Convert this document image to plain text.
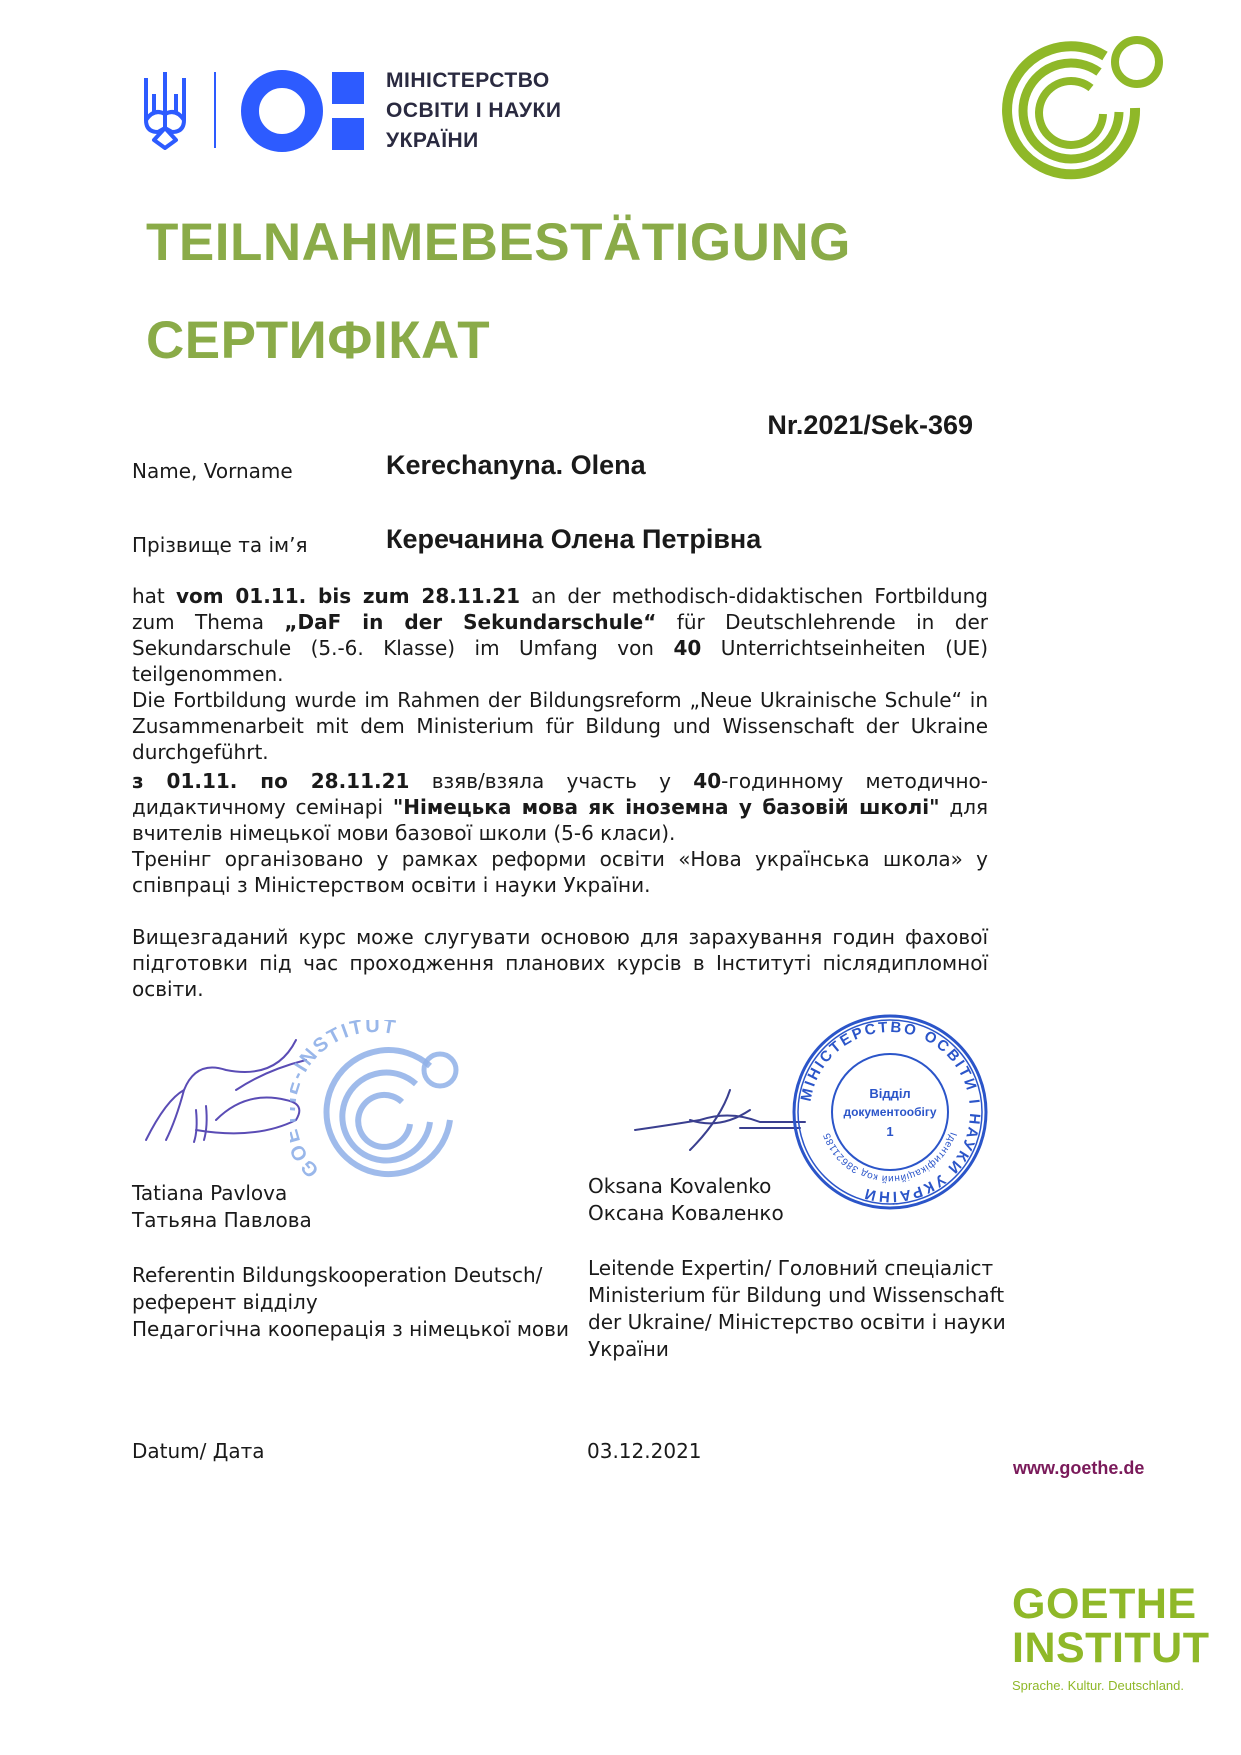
МІНІСТЕРСТВО
ОСВІТИ І НАУКИ
УКРАЇНИ
TEILNAHMEBESTÄTIGUNG
СЕРТИФІКАТ
Nr.2021/Sek-369
Name, Vorname	Kerechanyna. Olena
Прізвище та ім’я	Керечанина Олена Петрівна

hat vom 01.11. bis zum 28.11.21 an der methodisch-didaktischen Fortbildung zum Thema „DaF in der Sekundarschule“ für Deutschlehrende in der Sekundarschule (5.-6. Klasse) im Umfang von 40 Unterrichtseinheiten (UE) teilgenommen.

Die Fortbildung wurde im Rahmen der Bildungsreform „Neue Ukrainische Schule“ in Zusammenarbeit mit dem Ministerium für Bildung und Wissenschaft der Ukraine durchgeführt.

з 01.11. по 28.11.21 взяв/взяла участь у 40-годинному методично-дидактичному семінарі "Німецька мова як іноземна у базовій школі" для вчителів німецької мови базової школи (5-6 класи).

Тренінг організовано у рамках реформи освіти «Нова українська школа» у співпраці з Міністерством освіти і науки України.

Вищезгаданий курс може слугувати основою для зарахування годин фахової підготовки під час проходження планових курсів в Інституті післядипломної освіти.

G INSTITUT
Tatiana Pavlova
Татьяна Павлова
Referentin Bildungskooperation Deutsch/
референт відділу
Педагогічна кооперація з німецької мови
МІНІСТЕРСТВО ОСВІТИ І НАУКИ УКРАЇНИ
Ідентифікаційний код 38621185
Відділ
документообігу
1
Oksana Kovalenko
Оксана Коваленко
Leitende Expertin/ Головний спеціаліст
Ministerium für Bildung und Wissenschaft
der Ukraine/ Міністерство освіти і науки
України
Datum/ Дата	03.12.2021
www.goethe.de
GOETHE
INSTITUT
Sprache. Kultur. Deutschland.
